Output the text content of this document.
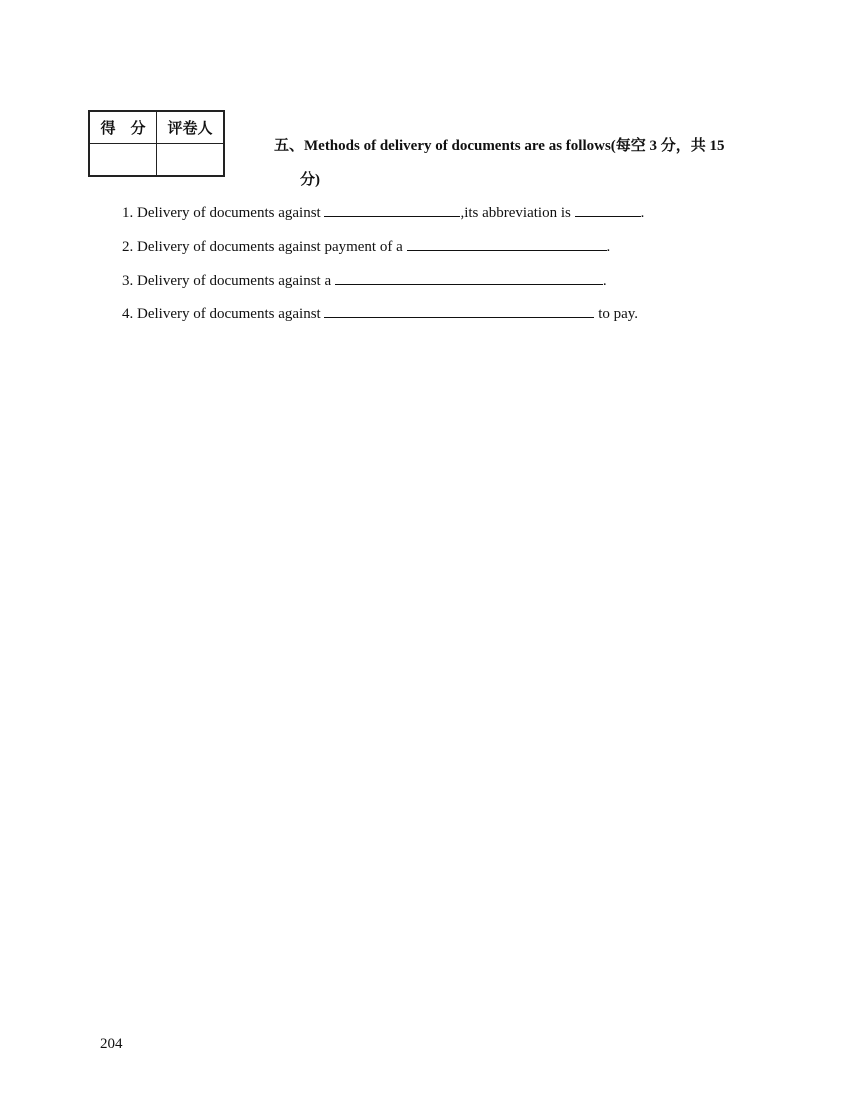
得　分	评卷人

五、Methods of delivery of documents are as follows(每空 3 分，共 15
分)
1. Delivery of documents against	,its abbreviation is	.
2. Delivery of documents against payment of a	.
3. Delivery of documents against a	.
4. Delivery of documents against	to pay.
204
